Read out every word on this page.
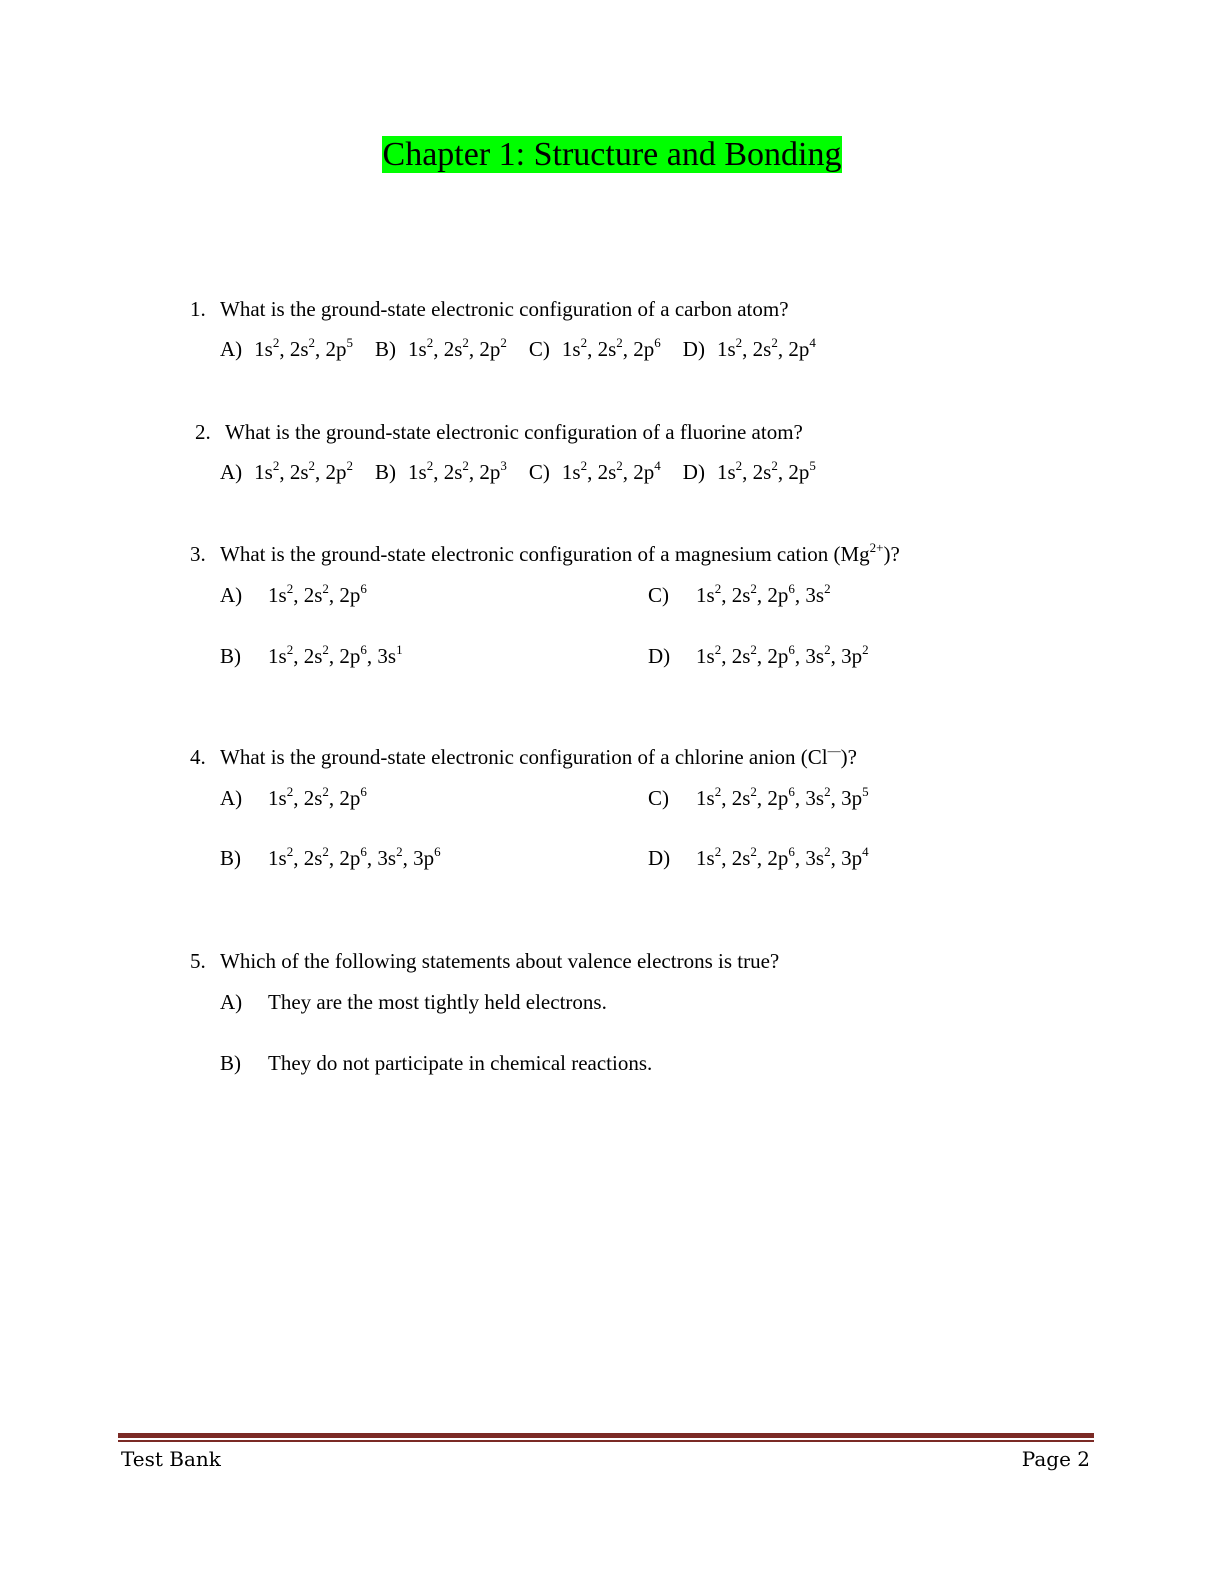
Chapter 1: Structure and Bonding
1. What is the ground-state electronic configuration of a carbon atom?
A) $1s^2$, $2s^2$, $2p^5$ B) $1s^2$, $2s^2$, $2p^2$ C) $1s^2$, $2s^2$, $2p^6$ D) $1s^2$, $2s^2$, $2p^4$
2. What is the ground-state electronic configuration of a fluorine atom?
A) $1s^2$, $2s^2$, $2p^2$ B) $1s^2$, $2s^2$, $2p^3$ C) $1s^2$, $2s^2$, $2p^4$ D) $1s^2$, $2s^2$, $2p^5$
3. What is the ground-state electronic configuration of a magnesium cation $(Mg^{2+})$?
A) $1s^2$, $2s^2$, $2p^6$	C) $1s^2$, $2s^2$, $2p^6$, $3s^2$
B) $1s^2$, $2s^2$, $2p^6$, $3s^1$	D) $1s^2$, $2s^2$, $2p^6$, $3s^2$, $3p^2$
4. What is the ground-state electronic configuration of a chlorine anion (Cl—)?
A) $1s^2$, $2s^2$, $2p^6$	C) $1s^2$, $2s^2$, $2p^6$, $3s^2$, $3p^5$
B) $1s^2$, $2s^2$, $2p^6$, $3s^2$, $3p^6$	D) $1s^2$, $2s^2$, $2p^6$, $3s^2$, $3p^4$
5. Which of the following statements about valence electrons is true?
A) They are the most tightly held electrons.
B) They do not participate in chemical reactions.
Test Bank	Page 2
